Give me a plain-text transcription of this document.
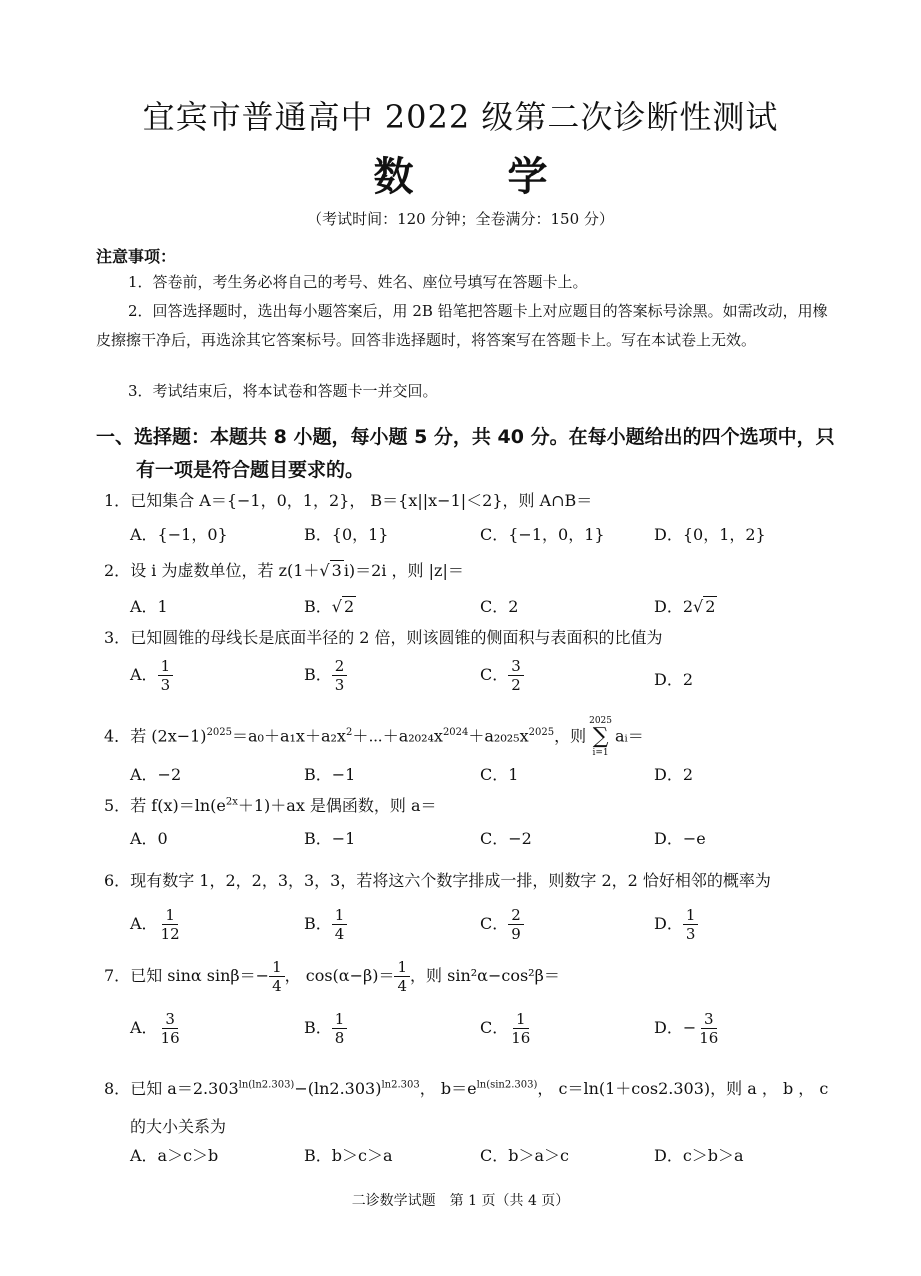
宜宾市普通高中 2022 级第二次诊断性测试
数 学
（考试时间：120 分钟；全卷满分：150 分）
注意事项：
1．答卷前，考生务必将自己的考号、姓名、座位号填写在答题卡上。
2．回答选择题时，选出每小题答案后，用 2B 铅笔把答题卡上对应题目的答案标号涂黑。如需改动，用橡皮擦擦干净后，再选涂其它答案标号。回答非选择题时，将答案写在答题卡上。写在本试卷上无效。
3．考试结束后，将本试卷和答题卡一并交回。
一、选择题：本题共 8 小题，每小题 5 分，共 40 分。在每小题给出的四个选项中，只
有一项是符合题目要求的。
1．已知集合 A＝{−1，0，1，2}， B＝{x||x−1|＜2}，则 A∩B＝
A．{−1，0}	B．{0，1}	C．{−1，0，1}	D．{0，1，2}
2．设 i 为虚数单位，若 z(1＋√ 3 i)＝2i ，则 |z|＝
A．1	B．√ 2	C．2	D．2√ 2
3．已知圆锥的母线长是底面半径的 2 倍，则该圆锥的侧面积与表面积的比值为
A． $\frac{1}{3}$	B． $\frac{2}{3}$	C． $\frac{3}{2}$	D．2
4．若 $(2x-1)^{2025}=a_0+a_1x+a_2x^2+\cdots+a_{2024}x^{2024}+a_{2025}x^{2025}$，则
2025
∑
i=1
aᵢ＝
A．−2	B．−1	C．1	D．2
5．若 $f(x)=\ln(e^{2x}+1)+ax$ 是偶函数，则 a＝
A．0	B．−1	C．−2	D．−e
6．现有数字 1，2，2，3，3，3，若将这六个数字排成一排，则数字 2，2 恰好相邻的概率为
A． $\frac{1}{12}$	B． $\frac{1}{4}$	C． $\frac{2}{9}$	D． $\frac{1}{3}$
7．已知 sinα $\sin\beta=- \frac{1}{4}$ ， $\cos(\alpha-\beta)= \frac{1}{4}$ ，则 sin²α−cos²β＝
A． $\frac{3}{16}$	B． $\frac{1}{8}$	C． $\frac{1}{16}$	D．− $\frac{3}{16}$
8．已知 $a=2.303^{ln(ln2.303)}-(\ln 2.303)^{ln2.303}$， $b=e^{ln(sin2.303)}$， c＝ln(1＋cos2.303)，则 a ， b ， c
的大小关系为
A．a＞c＞b	B．b＞c＞a	C．b＞a＞c	D．c＞b＞a
二诊数学试题　第 1 页（共 4 页）
